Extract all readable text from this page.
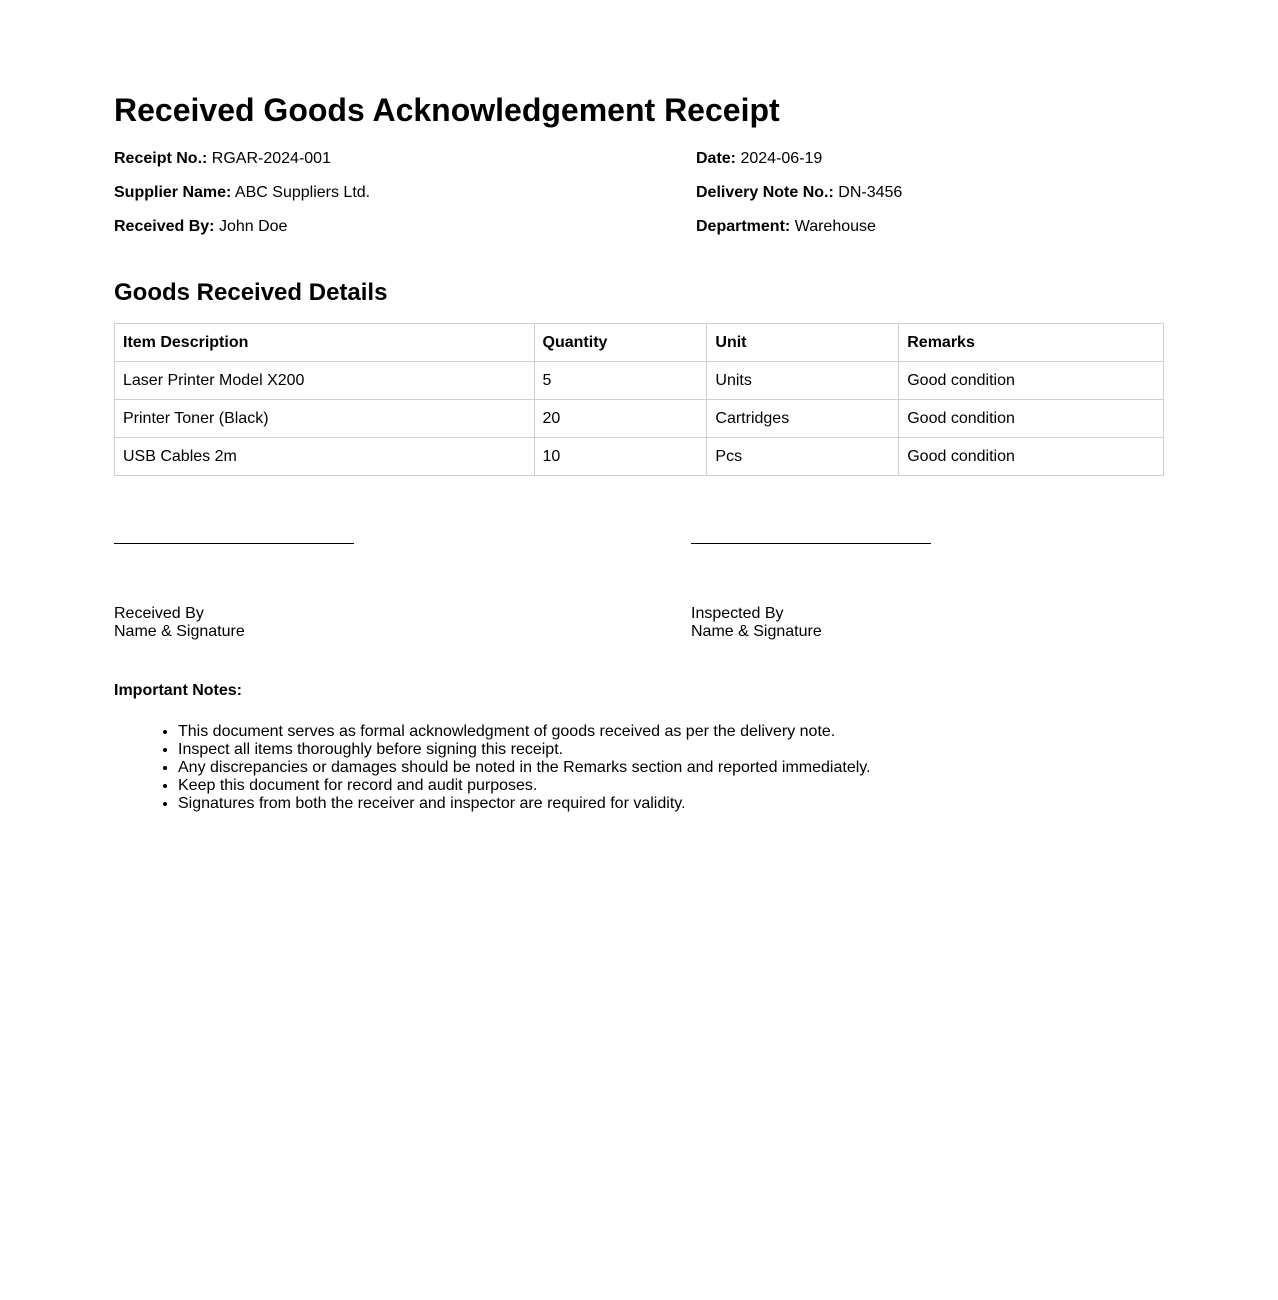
Received Goods Acknowledgement Receipt
Receipt No.: RGAR-2024-001	Date: 2024-06-19
Supplier Name: ABC Suppliers Ltd.	Delivery Note No.: DN-3456
Received By: John Doe	Department: Warehouse
Goods Received Details
Item Description	Quantity	Unit	Remarks
Laser Printer Model X200	5	Units	Good condition
Printer Toner (Black)	20	Cartridges	Good condition
USB Cables 2m	10	Pcs	Good condition
Received By
Name & Signature
Inspected By
Name & Signature
Important Notes:
• This document serves as formal acknowledgment of goods received as per the delivery note.
• Inspect all items thoroughly before signing this receipt.
• Any discrepancies or damages should be noted in the Remarks section and reported immediately.
• Keep this document for record and audit purposes.
• Signatures from both the receiver and inspector are required for validity.
